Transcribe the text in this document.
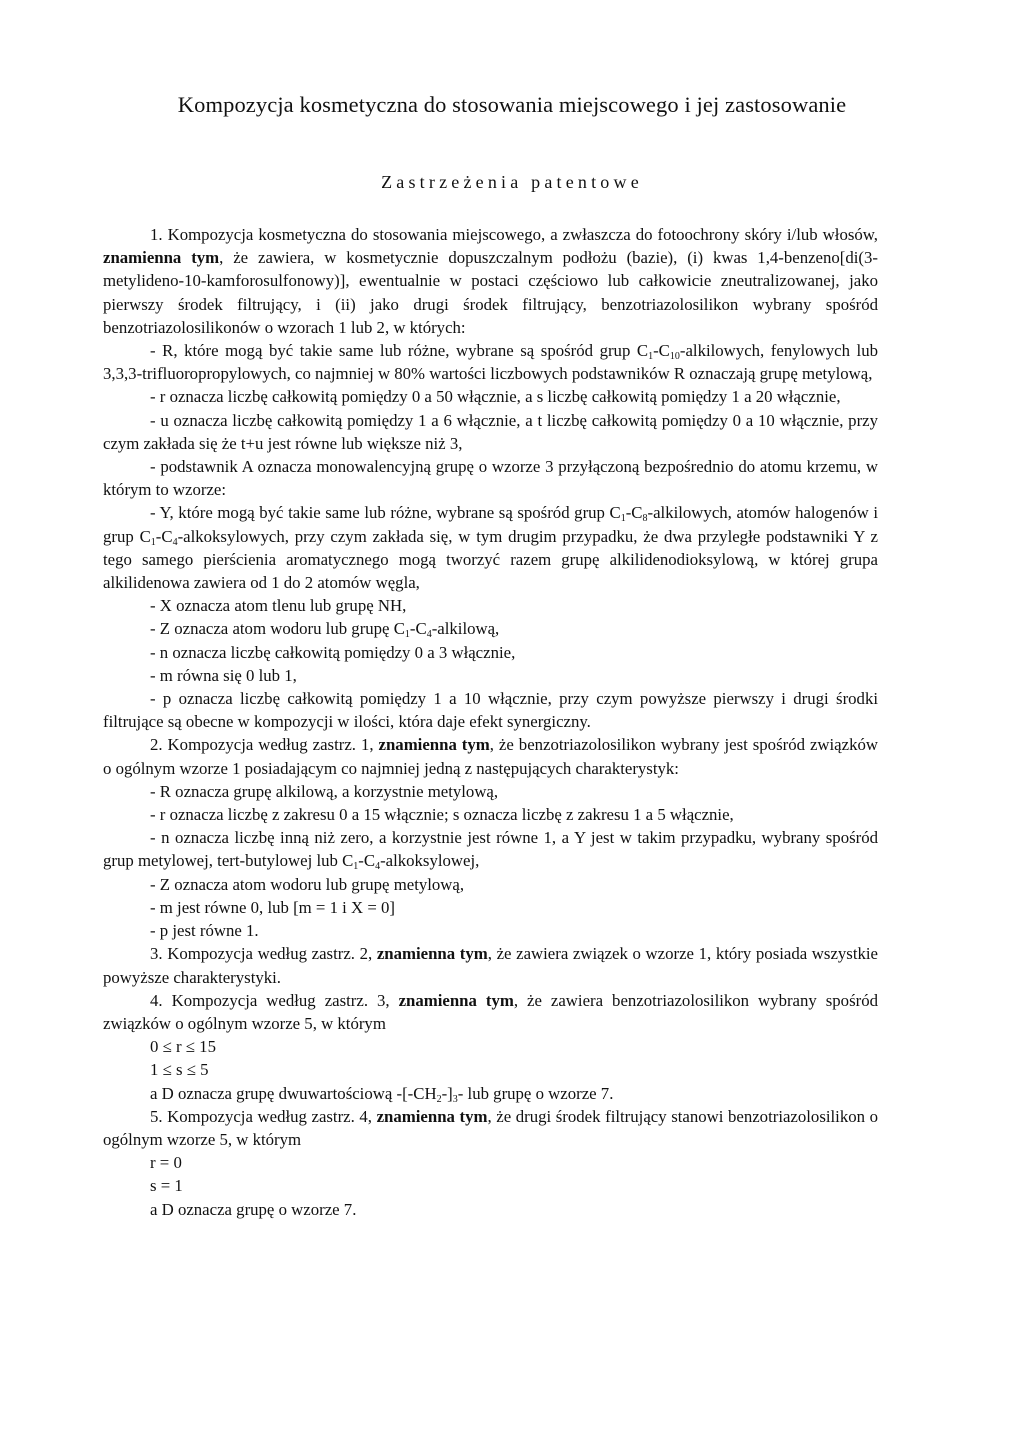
Kompozycja kosmetyczna do stosowania miejscowego i jej zastosowanie
Zastrzeżenia patentowe

1. Kompozycja kosmetyczna do stosowania miejscowego, a zwłaszcza do fotoochrony skóry i/lub włosów, znamienna tym, że zawiera, w kosmetycznie dopuszczalnym podłożu (bazie), (i) kwas 1,4-benzeno[di(3-metylideno-10-kamforosulfonowy)], ewentualnie w postaci częściowo lub całkowicie zneutralizowanej, jako pierwszy środek filtrujący, i (ii) jako drugi środek filtrujący, benzotriazolosilikon wybrany spośród benzotriazolosilikonów o wzorach 1 lub 2, w których:

- R, które mogą być takie same lub różne, wybrane są spośród grup $C_1-C_{10}$-alkilowych, fenylowych lub 3,3,3-trifluoropropylowych, co najmniej w 80% wartości liczbowych podstawników R oznaczają grupę metylową,

- r oznacza liczbę całkowitą pomiędzy 0 a 50 włącznie, a s liczbę całkowitą pomiędzy 1 a 20 włącznie,

- u oznacza liczbę całkowitą pomiędzy 1 a 6 włącznie, a t liczbę całkowitą pomiędzy 0 a 10 włącznie, przy czym zakłada się że t+u jest równe lub większe niż 3,

- podstawnik A oznacza monowalencyjną grupę o wzorze 3 przyłączoną bezpośrednio do atomu krzemu, w którym to wzorze:

- Y, które mogą być takie same lub różne, wybrane są spośród grup $C_1-C_8$-alkilowych, atomów halogenów i grup $C_1-C_4$-alkoksylowych, przy czym zakłada się, w tym drugim przypadku, że dwa przyległe podstawniki Y z tego samego pierścienia aromatycznego mogą tworzyć razem grupę alkilidenodioksylową, w której grupa alkilidenowa zawiera od 1 do 2 atomów węgla,

- X oznacza atom tlenu lub grupę NH,

- Z oznacza atom wodoru lub grupę $C_1-C_4$-alkilową,

- n oznacza liczbę całkowitą pomiędzy 0 a 3 włącznie,

- m równa się 0 lub 1,

- p oznacza liczbę całkowitą pomiędzy 1 a 10 włącznie, przy czym powyższe pierwszy i drugi środki filtrujące są obecne w kompozycji w ilości, która daje efekt synergiczny.

2. Kompozycja według zastrz. 1, znamienna tym, że benzotriazolosilikon wybrany jest spośród związków o ogólnym wzorze 1 posiadającym co najmniej jedną z następujących charakterystyk:

- R oznacza grupę alkilową, a korzystnie metylową,

- r oznacza liczbę z zakresu 0 a 15 włącznie; s oznacza liczbę z zakresu 1 a 5 włącznie,

- n oznacza liczbę inną niż zero, a korzystnie jest równe 1, a Y jest w takim przypadku, wybrany spośród grup metylowej, tert-butylowej lub $C_1-C_4$-alkoksylowej,

- Z oznacza atom wodoru lub grupę metylową,

- m jest równe 0, lub [m = 1 i X = 0]

- p jest równe 1.

3. Kompozycja według zastrz. 2, znamienna tym, że zawiera związek o wzorze 1, który posiada wszystkie powyższe charakterystyki.

4. Kompozycja według zastrz. 3, znamienna tym, że zawiera benzotriazolosilikon wybrany spośród związków o ogólnym wzorze 5, w którym

0 ≤ r ≤ 15

1 ≤ s ≤ 5

a D oznacza grupę dwuwartościową $-[-CH_2-]_3-$ lub grupę o wzorze 7.

5. Kompozycja według zastrz. 4, znamienna tym, że drugi środek filtrujący stanowi benzotriazolosilikon o ogólnym wzorze 5, w którym

r = 0

s = 1

a D oznacza grupę o wzorze 7.
